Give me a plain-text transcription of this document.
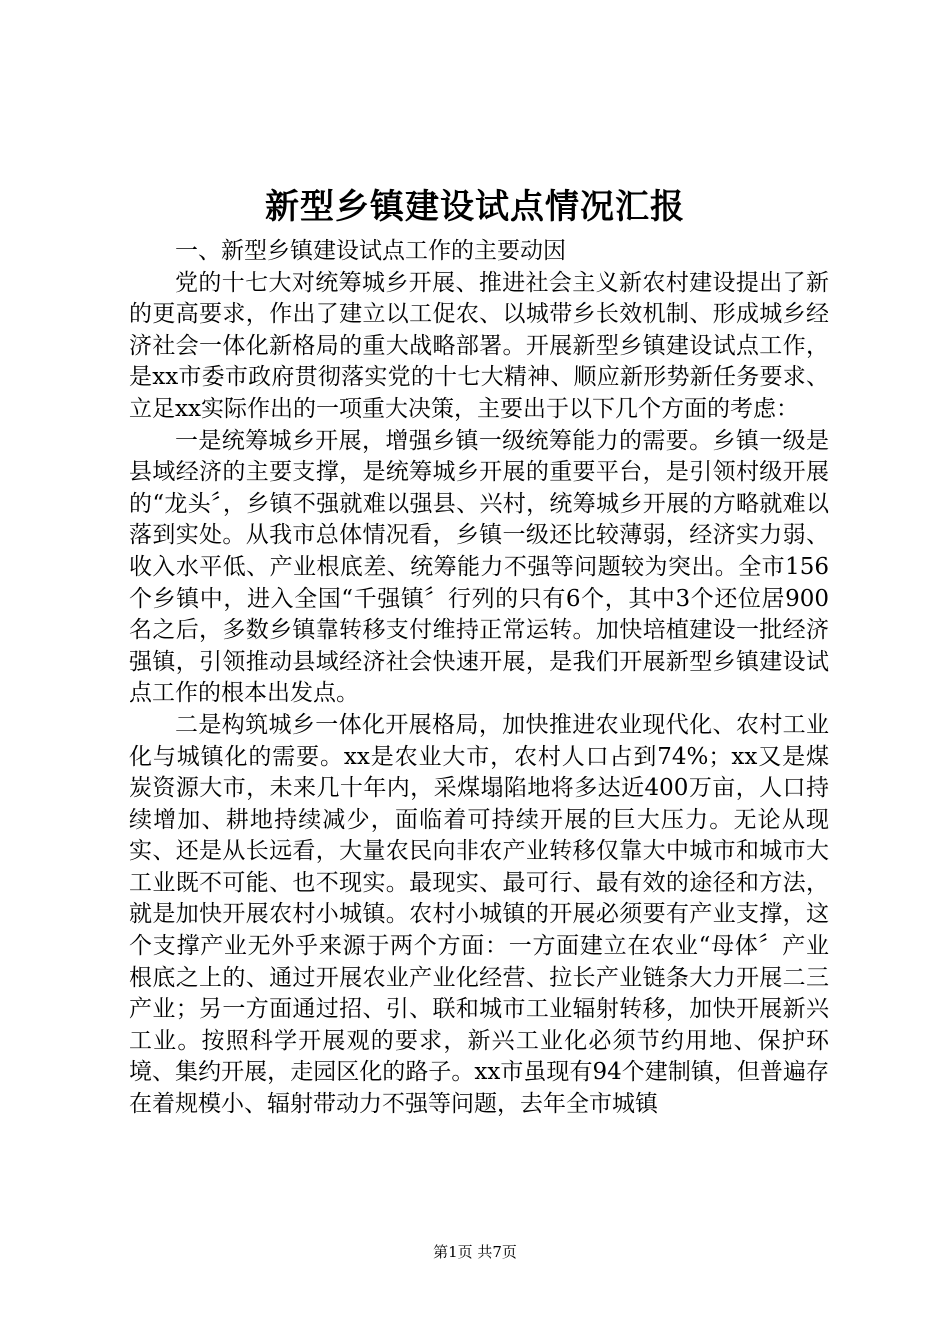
新型乡镇建设试点情况汇报

一、新型乡镇建设试点工作的主要动因

党的十七大对统筹城乡开展、推进社会主义新农村建设提出了新的更高要求，作出了建立以工促农、以城带乡长效机制、形成城乡经济社会一体化新格局的重大战略部署。开展新型乡镇建设试点工作，是xx市委市政府贯彻落实党的十七大精神、顺应新形势新任务要求、立足xx实际作出的一项重大决策，主要出于以下几个方面的考虑：

一是统筹城乡开展，增强乡镇一级统筹能力的需要。乡镇一级是县域经济的主要支撑，是统筹城乡开展的重要平台，是引领村级开展的“龙头〞，乡镇不强就难以强县、兴村，统筹城乡开展的方略就难以落到实处。从我市总体情况看，乡镇一级还比较薄弱，经济实力弱、收入水平低、产业根底差、统筹能力不强等问题较为突出。全市156个乡镇中，进入全国“千强镇〞行列的只有6个，其中3个还位居900名之后，多数乡镇靠转移支付维持正常运转。加快培植建设一批经济强镇，引领推动县域经济社会快速开展，是我们开展新型乡镇建设试点工作的根本出发点。

二是构筑城乡一体化开展格局，加快推进农业现代化、农村工业化与城镇化的需要。xx是农业大市，农村人口占到74%；xx又是煤炭资源大市，未来几十年内，采煤塌陷地将多达近400万亩，人口持续增加、耕地持续减少，面临着可持续开展的巨大压力。无论从现实、还是从长远看，大量农民向非农产业转移仅靠大中城市和城市大工业既不可能、也不现实。最现实、最可行、最有效的途径和方法，就是加快开展农村小城镇。农村小城镇的开展必须要有产业支撑，这个支撑产业无外乎来源于两个方面：一方面建立在农业“母体〞产业根底之上的、通过开展农业产业化经营、拉长产业链条大力开展二三产业；另一方面通过招、引、联和城市工业辐射转移，加快开展新兴工业。按照科学开展观的要求，新兴工业化必须节约用地、保护环境、集约开展，走园区化的路子。xx市虽现有94个建制镇，但普遍存在着规模小、辐射带动力不强等问题，去年全市城镇

第1页 共7页
